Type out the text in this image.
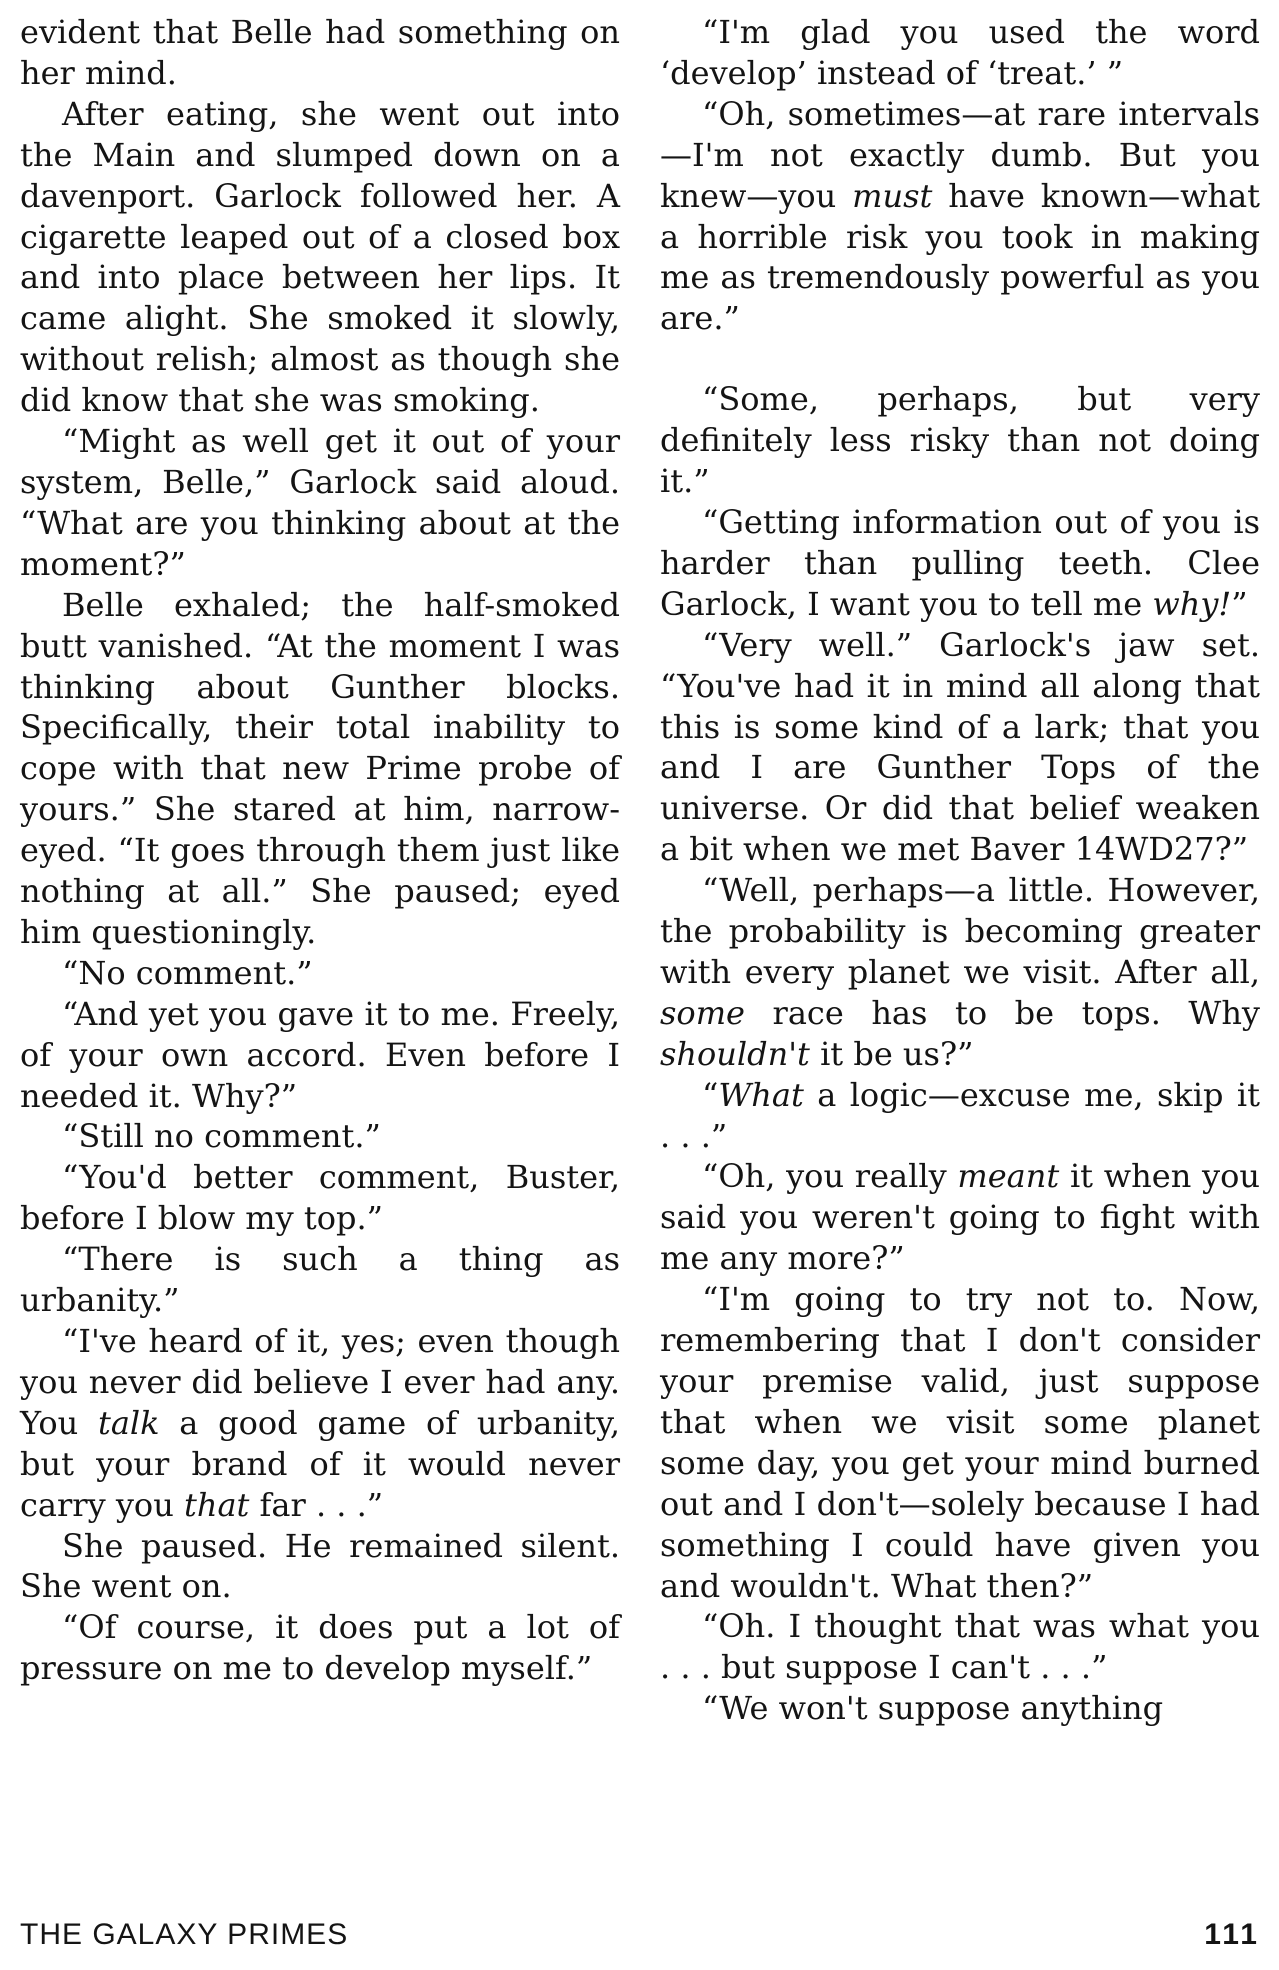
evident that Belle had something on her mind.

After eating, she went out into the Main and slumped down on a davenport. Garlock followed her. A cigarette leaped out of a closed box and into place between her lips. It came alight. She smoked it slowly, without relish; almost as though she did know that she was smoking.

“Might as well get it out of your system, Belle,” Garlock said aloud. “What are you thinking about at the moment?”

Belle exhaled; the half-smoked butt vanished. “At the moment I was thinking about Gunther blocks. Specifically, their total inability to cope with that new Prime probe of yours.” She stared at him, narrow-eyed. “It goes through them just like nothing at all.” She paused; eyed him questioningly.

“No comment.”

“And yet you gave it to me. Freely, of your own accord. Even before I needed it. Why?”

“Still no comment.”

“You'd better comment, Buster, before I blow my top.”

“There is such a thing as urbanity.”

“I've heard of it, yes; even though you never did believe I ever had any. You talk a good game of urbanity, but your brand of it would never carry you that far . . .”

She paused. He remained silent. She went on.

“Of course, it does put a lot of pressure on me to develop myself.”

“I'm glad you used the word ‘develop’ instead of ‘treat.’ ”

“Oh, sometimes—at rare intervals—I'm not exactly dumb. But you knew—you must have known—what a horrible risk you took in making me as tremendously powerful as you are.”

“Some, perhaps, but very definitely less risky than not doing it.”

“Getting information out of you is harder than pulling teeth. Clee Garlock, I want you to tell me why!”

“Very well.” Garlock's jaw set. “You've had it in mind all along that this is some kind of a lark; that you and I are Gunther Tops of the universe. Or did that belief weaken a bit when we met Baver 14WD27?”

“Well, perhaps—a little. However, the probability is becoming greater with every planet we visit. After all, some race has to be tops. Why shouldn't it be us?”

“What a logic—excuse me, skip it . . .”

“Oh, you really meant it when you said you weren't going to fight with me any more?”

“I'm going to try not to. Now, remembering that I don't consider your premise valid, just suppose that when we visit some planet some day, you get your mind burned out and I don't—solely because I had something I could have given you and wouldn't. What then?”

“Oh. I thought that was what you . . . but suppose I can't . . .”

“We won't suppose anything

THE GALAXY PRIMES	111
